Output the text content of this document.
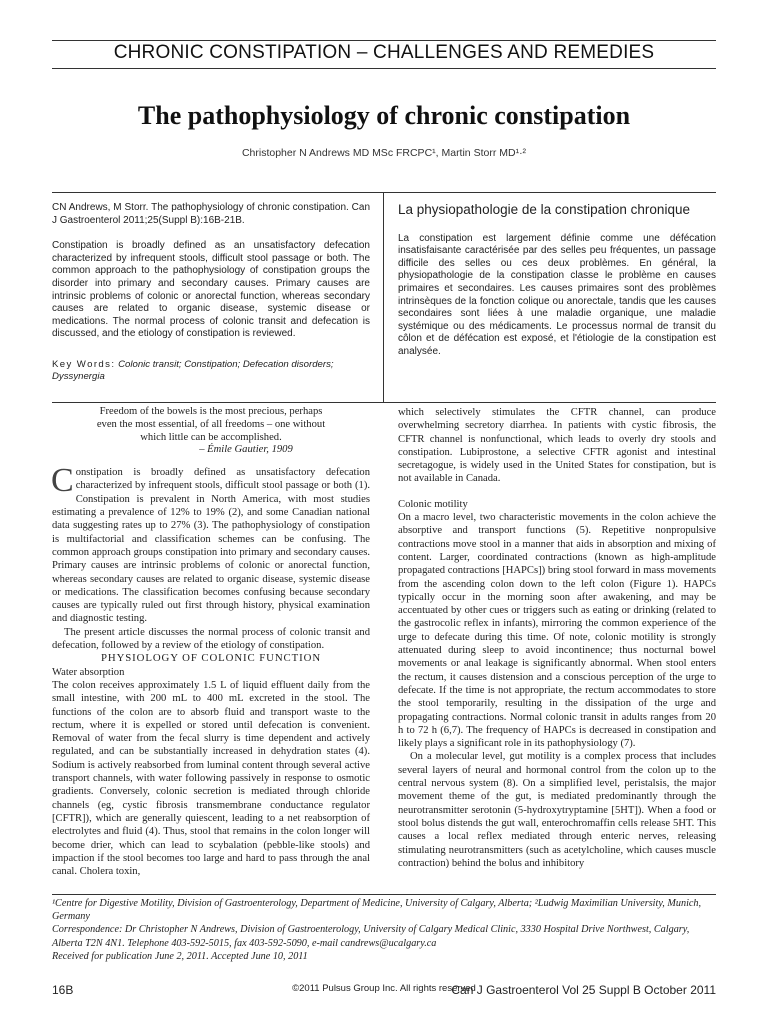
CHRONIC CONSTIPATION – CHALLENGES AND REMEDIES
The pathophysiology of chronic constipation
Christopher N Andrews MD MSc FRCPC¹, Martin Storr MD¹·²

CN Andrews, M Storr. The pathophysiology of chronic constipation. Can J Gastroenterol 2011;25(Suppl B):16B-21B.

Constipation is broadly defined as an unsatisfactory defecation characterized by infrequent stools, difficult stool passage or both. The common approach to the pathophysiology of constipation groups the disorder into primary and secondary causes. Primary causes are intrinsic problems of colonic or anorectal function, whereas secondary causes are related to organic disease, systemic disease or medications. The normal process of colonic transit and defecation is discussed, and the etiology of constipation is reviewed.

Key Words: Colonic transit; Constipation; Defecation disorders; Dyssynergia

La physiopathologie de la constipation chronique

La constipation est largement définie comme une défécation insatisfaisante caractérisée par des selles peu fréquentes, un passage difficile des selles ou ces deux problèmes. En général, la physiopathologie de la constipation classe le problème en causes primaires et secondaires. Les causes primaires sont des problèmes intrinsèques de la fonction colique ou anorectale, tandis que les causes secondaires sont liées à une maladie organique, une maladie systémique ou des médicaments. Le processus normal de transit du côlon et de défécation est exposé, et l'étiologie de la constipation est analysée.

Freedom of the bowels is the most precious, perhaps
even the most essential, of all freedoms – one without
which little can be accomplished.
– Émile Gautier, 1909

Constipation is broadly defined as unsatisfactory defecation characterized by infrequent stools, difficult stool passage or both (1). Constipation is prevalent in North America, with most studies estimating a prevalence of 12% to 19% (2), and some Canadian national data suggesting rates up to 27% (3). The pathophysiology of constipation is multifactorial and classification schemes can be confusing. The common approach groups constipation into primary and secondary causes. Primary causes are intrinsic problems of colonic or anorectal function, whereas secondary causes are related to organic disease, systemic disease or medications. The classification becomes confusing because secondary causes are typically ruled out first through history, physical examination and diagnostic testing.

The present article discusses the normal process of colonic transit and defecation, followed by a review of the etiology of constipation.

PHYSIOLOGY OF COLONIC FUNCTION

Water absorption

The colon receives approximately 1.5 L of liquid effluent daily from the small intestine, with 200 mL to 400 mL excreted in the stool. The functions of the colon are to absorb fluid and transport waste to the rectum, where it is expelled or stored until defecation is convenient. Removal of water from the fecal slurry is time dependent and actively regulated, and can be substantially increased in dehydration states (4). Sodium is actively reabsorbed from luminal content through several active transport channels, with water following passively in response to osmotic gradients. Conversely, colonic secretion is mediated through chloride channels (eg, cystic fibrosis transmembrane conductance regulator [CFTR]), which are generally quiescent, leading to a net reabsorption of electrolytes and fluid (4). Thus, stool that remains in the colon longer will become drier, which can lead to scybalation (pebble-like stools) and impaction if the stool becomes too large and hard to pass through the anal canal. Cholera toxin,

which selectively stimulates the CFTR channel, can produce overwhelming secretory diarrhea. In patients with cystic fibrosis, the CFTR channel is nonfunctional, which leads to overly dry stools and constipation. Lubiprostone, a selective CFTR agonist and intestinal secretagogue, is widely used in the United States for constipation, but is not available in Canada.

Colonic motility

On a macro level, two characteristic movements in the colon achieve the absorptive and transport functions (5). Repetitive nonpropulsive contractions move stool in a manner that aids in absorption and mixing of content. Larger, coordinated contractions (known as high-amplitude propagated contractions [HAPCs]) bring stool forward in mass movements from the ascending colon down to the left colon (Figure 1). HAPCs typically occur in the morning soon after awakening, and may be accentuated by other cues or triggers such as eating or drinking (related to the gastrocolic reflex in infants), mirroring the common experience of the urge to defecate during this time. Of note, colonic motility is strongly attenuated during sleep to avoid incontinence; thus nocturnal bowel movements or anal leakage is significantly abnormal. When stool enters the rectum, it causes distension and a conscious perception of the urge to defecate. If the time is not appropriate, the rectum accommodates to store the stool temporarily, resulting in the dissipation of the urge and propagating contractions. Normal colonic transit in adults ranges from 20 h to 72 h (6,7). The frequency of HAPCs is decreased in constipation and likely plays a significant role in its pathophysiology (7).

On a molecular level, gut motility is a complex process that includes several layers of neural and hormonal control from the colon up to the central nervous system (8). On a simplified level, peristalsis, the major movement theme of the gut, is mediated predominantly through the neurotransmitter serotonin (5-hydroxytryptamine [5HT]). When a food or stool bolus distends the gut wall, enterochromaffin cells release 5HT. This causes a local reflex mediated through enteric nerves, releasing stimulating neurotransmitters (such as acetylcholine, which causes muscle contraction) behind the bolus and inhibitory

¹Centre for Digestive Motility, Division of Gastroenterology, Department of Medicine, University of Calgary, Alberta; ²Ludwig Maximilian University, Munich, Germany
Correspondence: Dr Christopher N Andrews, Division of Gastroenterology, University of Calgary Medical Clinic, 3330 Hospital Drive Northwest, Calgary, Alberta T2N 4N1. Telephone 403-592-5015, fax 403-592-5090, e-mail candrews@ucalgary.ca
Received for publication June 2, 2011. Accepted June 10, 2011
16B	©2011 Pulsus Group Inc. All rights reserved
Can J Gastroenterol Vol 25 Suppl B October 2011
